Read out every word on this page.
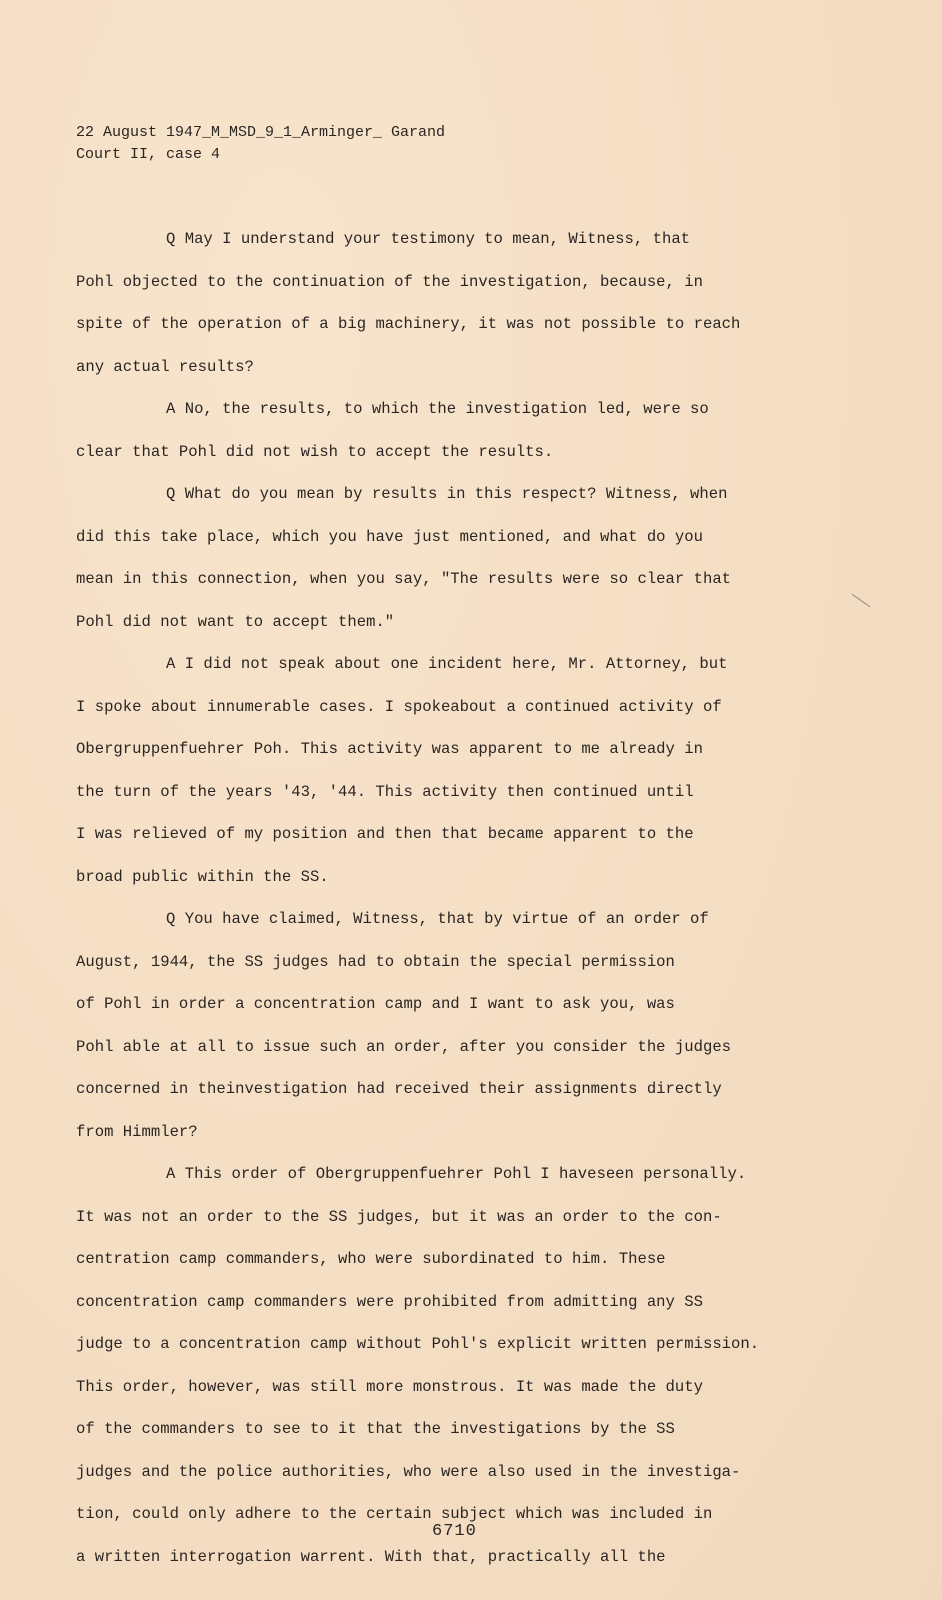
22 August 1947_M_MSD_9_1_Arminger_ Garand
Court II, case 4
Q May I understand your testimony to mean, Witness, that
Pohl objected to the continuation of the investigation, because, in
spite of the operation of a big machinery, it was not possible to reach
any actual results?
A No, the results, to which the investigation led, were so
clear that Pohl did not wish to accept the results.
Q What do you mean by results in this respect? Witness, when
did this take place, which you have just mentioned, and what do you
mean in this connection, when you say, "The results were so clear that
Pohl did not want to accept them."
A I did not speak about one incident here, Mr. Attorney, but
I spoke about innumerable cases. I spokeabout a continued activity of
Obergruppenfuehrer Poh. This activity was apparent to me already in
the turn of the years '43, '44. This activity then continued until
I was relieved of my position and then that became apparent to the
broad public within the SS.
Q You have claimed, Witness, that by virtue of an order of
August, 1944, the SS judges had to obtain the special permission
of Pohl in order a concentration camp and I want to ask you, was
Pohl able at all to issue such an order, after you consider the judges
concerned in theinvestigation had received their assignments directly
from Himmler?
A This order of Obergruppenfuehrer Pohl I haveseen personally.
It was not an order to the SS judges, but it was an order to the con-
centration camp commanders, who were subordinated to him. These
concentration camp commanders were prohibited from admitting any SS
judge to a concentration camp without Pohl's explicit written permission.
This order, however, was still more monstrous. It was made the duty
of the commanders to see to it that the investigations by the SS
judges and the police authorities, who were also used in the investiga-
tion, could only adhere to the certain subject which was included in
a written interrogation warrent. With that, practically all the
6710
